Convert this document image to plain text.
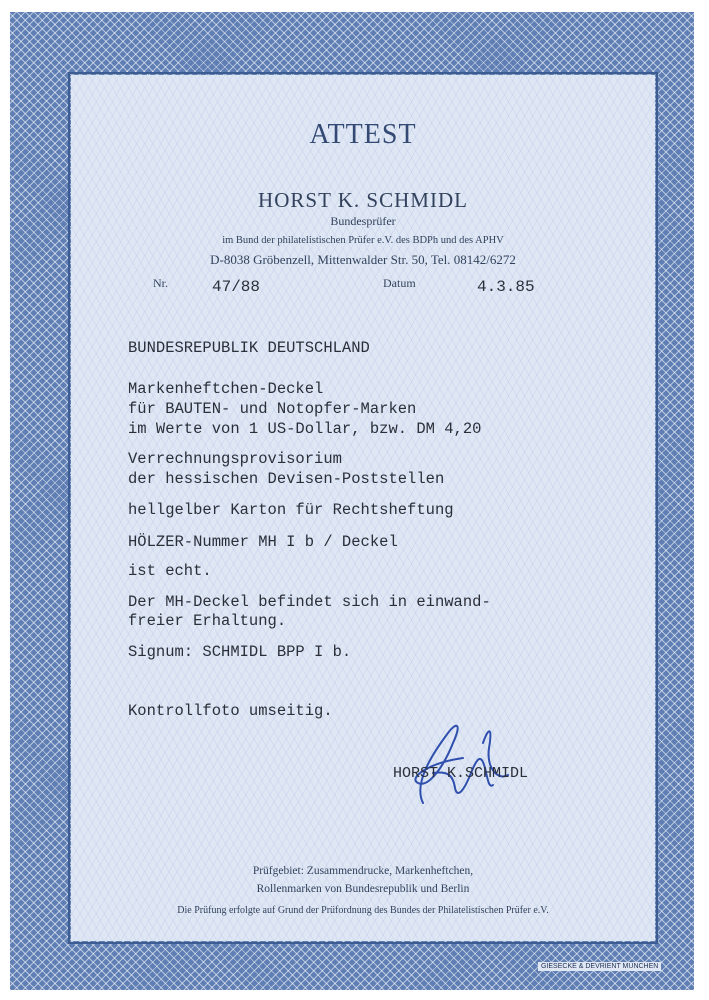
ATTEST
HORST K. SCHMIDL
Bundesprüfer
im Bund der philatelistischen Prüfer e.V. des BDPh und des APHV
D-8038 Gröbenzell, Mittenwalder Str. 50, Tel. 08142/6272
Nr.	47/88	Datum	4.3.85
BUNDESREPUBLIK DEUTSCHLAND
Markenheftchen-Deckel
für BAUTEN- und Notopfer-Marken
im Werte von 1 US-Dollar, bzw. DM 4,20
Verrechnungsprovisorium
der hessischen Devisen-Poststellen
hellgelber Karton für Rechtsheftung
HÖLZER-Nummer MH I b / Deckel
ist echt.
Der MH-Deckel befindet sich in einwand-
freier Erhaltung.
Signum: SCHMIDL BPP I b.
Kontrollfoto umseitig.
HORST K.SCHMIDL
Prüfgebiet: Zusammendrucke, Markenheftchen,
Rollenmarken von Bundesrepublik und Berlin
Die Prüfung erfolgte auf Grund der Prüfordnung des Bundes der Philatelistischen Prüfer e.V.
GIESECKE & DEVRIENT MÜNCHEN
